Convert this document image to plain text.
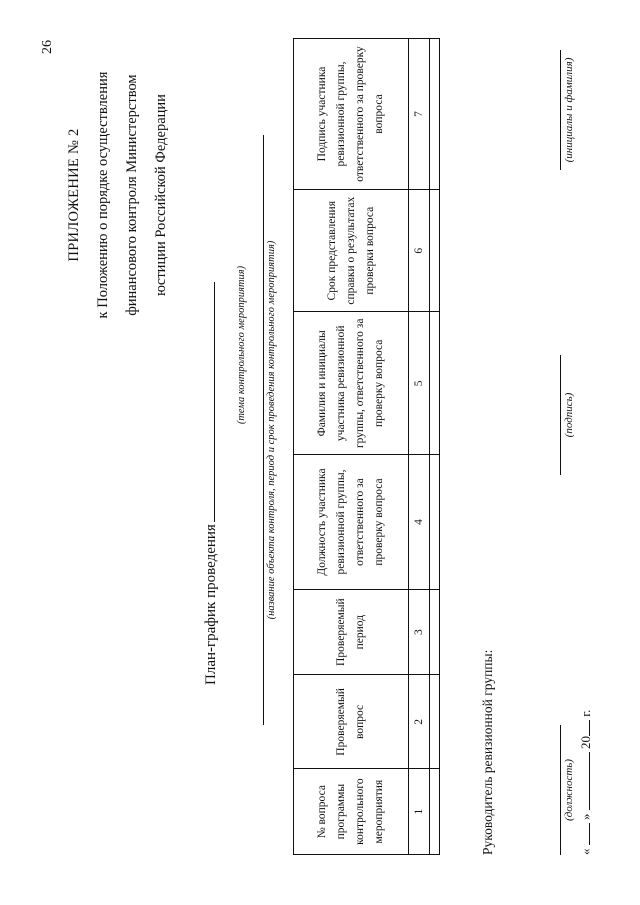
26
ПРИЛОЖЕНИЕ № 2 к Положению о порядке осуществления финансового контроля Министерством юстиции Российской Федерации
План-график проведения
(тема контрольного мероприятия) (название объекта контроля, период и срок проведения контрольного мероприятия)
№ вопроса программы контрольного мероприятия	Проверяемый вопрос	Проверяемый период	Должность участника ревизионной группы, ответственного за проверку вопроса	Фамилия и инициалы участника ревизионной группы, ответственного за проверку вопроса	Срок представления справки о результатах проверки вопроса	Подпись участника ревизионной группы, ответственного за проверку вопроса
1	2	3	4	5	6	7

Руководитель ревизионной группы:	(должность)
(подпись)
(инициалы и фамилия)
«  »  20 г.
